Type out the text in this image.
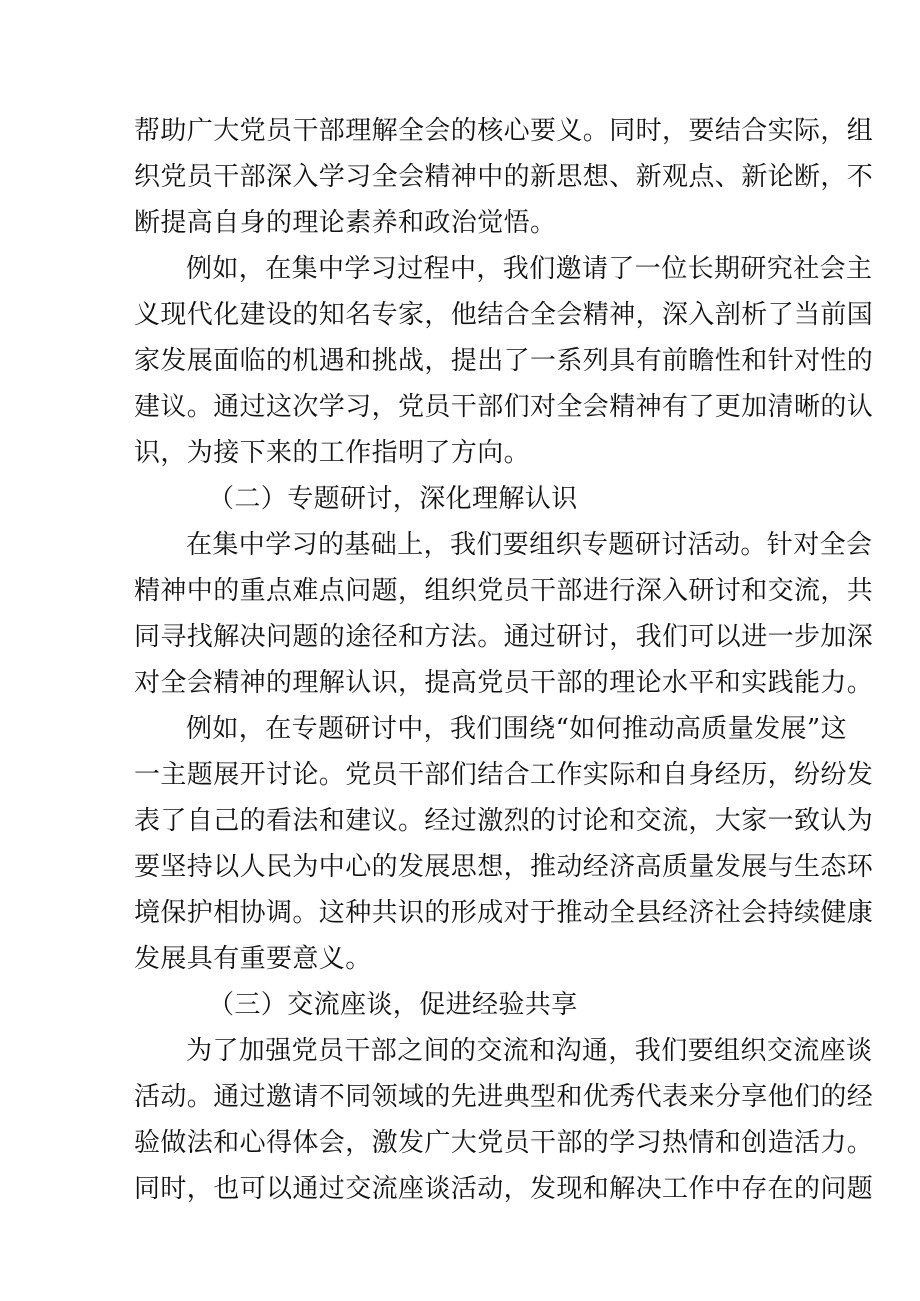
帮助广大党员干部理解全会的核心要义。同时，要结合实际，组
织党员干部深入学习全会精神中的新思想、新观点、新论断，不
断提高自身的理论素养和政治觉悟。
例如，在集中学习过程中，我们邀请了一位长期研究社会主
义现代化建设的知名专家，他结合全会精神，深入剖析了当前国
家发展面临的机遇和挑战，提出了一系列具有前瞻性和针对性的
建议。通过这次学习，党员干部们对全会精神有了更加清晰的认
识，为接下来的工作指明了方向。
（二）专题研讨，深化理解认识
在集中学习的基础上，我们要组织专题研讨活动。针对全会
精神中的重点难点问题，组织党员干部进行深入研讨和交流，共
同寻找解决问题的途径和方法。通过研讨，我们可以进一步加深
对全会精神的理解认识，提高党员干部的理论水平和实践能力。
例如，在专题研讨中，我们围绕“如何推动高质量发展”这
一主题展开讨论。党员干部们结合工作实际和自身经历，纷纷发
表了自己的看法和建议。经过激烈的讨论和交流，大家一致认为
要坚持以人民为中心的发展思想，推动经济高质量发展与生态环
境保护相协调。这种共识的形成对于推动全县经济社会持续健康
发展具有重要意义。
（三）交流座谈，促进经验共享
为了加强党员干部之间的交流和沟通，我们要组织交流座谈
活动。通过邀请不同领域的先进典型和优秀代表来分享他们的经
验做法和心得体会，激发广大党员干部的学习热情和创造活力。
同时，也可以通过交流座谈活动，发现和解决工作中存在的问题
